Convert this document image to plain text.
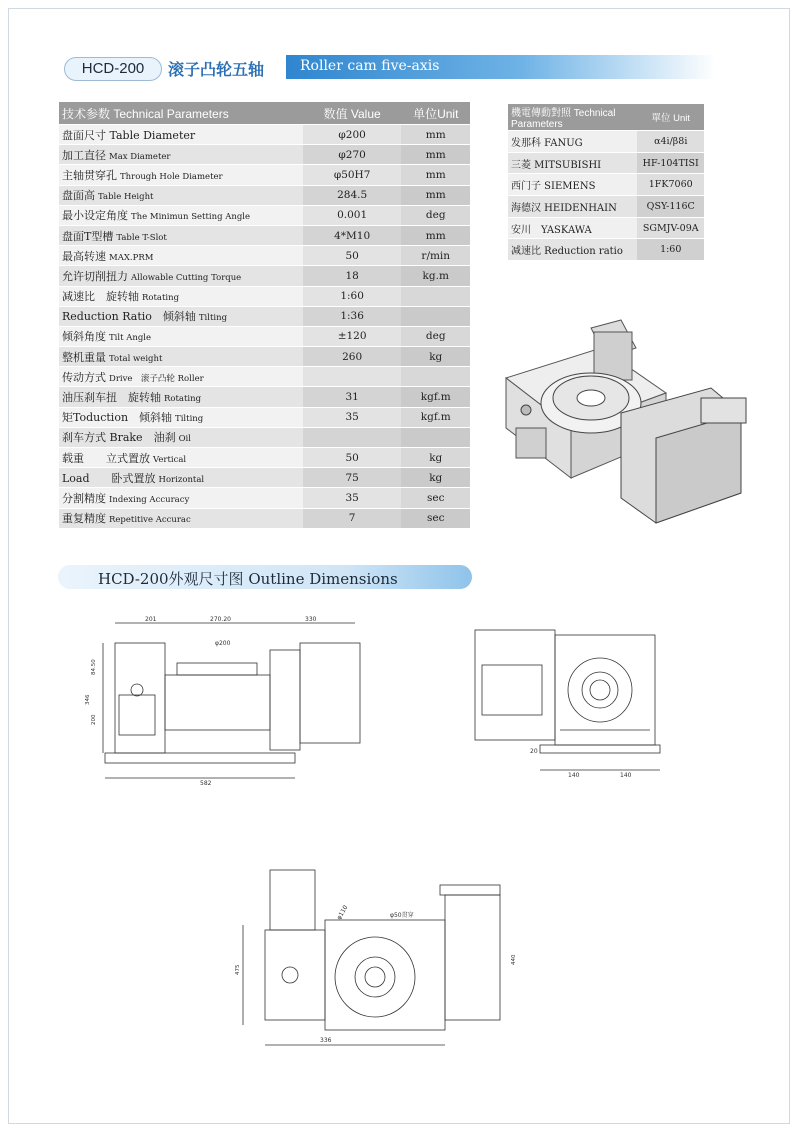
HCD-200	滚子凸轮五轴	Roller cam five-axis
技术参数 Technical Parameters	数值 Value	单位Unit
盘面尺寸 Table Diameter	φ200	mm
加工直径 Max Diameter	φ270	mm
主轴贯穿孔 Through Hole Diameter	φ50H7	mm
盘面高 Table Height	284.5	mm
最小设定角度 The Minimun Setting Angle	0.001	deg
盘面T型槽 Table T-Slot	4*M10	mm
最高转速 MAX.PRM	50	r/min
允许切削扭力 Allowable Cutting Torque	18	kg.m
减速比　旋转轴 Rotating	1:60	
Reduction Ratio　倾斜轴 Tilting	1:36	
倾斜角度 Tilt Angle	±120	deg
整机重量 Total weight	260	kg
传动方式 Drive　滚子凸轮 Roller		
油压刹车扭　旋转轴 Rotating	31	kgf.m
矩Toduction　倾斜轴 Tilting	35	kgf.m
刹车方式 Brake　油刹 Oil		
载重　　立式置放 Vertical	50	kg
Load　　卧式置放 Horizontal	75	kg
分割精度 Indexing Accuracy	35	sec
重复精度 Repetitive Accurac	7	sec
機電傳動對照 Technical Parameters	單位 Unit
发那科 FANUG	α4i/β8i
三菱 MITSUBISHI	HF-104TISI
西门子 SIEMENS	1FK7060
海德汉 HEIDENHAIN	QSY-116C
安川　YASKAWA	SGMJV-09A
减速比 Reduction ratio	1:60
HCD-200外观尺寸图 Outline Dimensions
201	270.20	330
φ200
84.50
346
200
582
20
140	140
φ110	φ50贯穿
475
440
336
